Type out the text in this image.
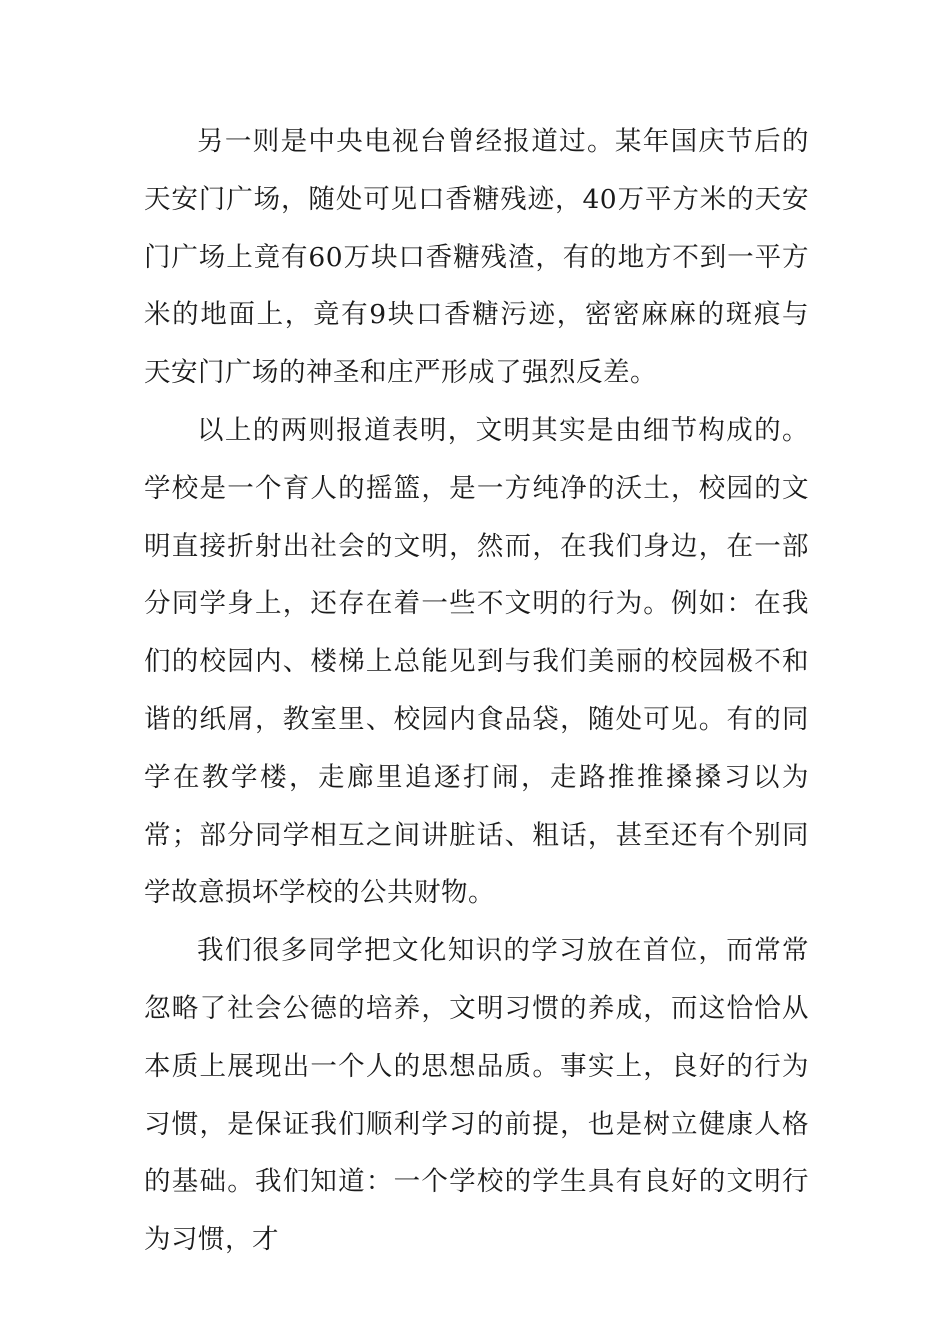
另一则是中央电视台曾经报道过。某年国庆节后的天安门广场，随处可见口香糖残迹，40万平方米的天安门广场上竟有60万块口香糖残渣，有的地方不到一平方米的地面上，竟有9块口香糖污迹，密密麻麻的斑痕与天安门广场的神圣和庄严形成了强烈反差。

以上的两则报道表明，文明其实是由细节构成的。学校是一个育人的摇篮，是一方纯净的沃土，校园的文明直接折射出社会的文明，然而，在我们身边，在一部分同学身上，还存在着一些不文明的行为。例如：在我们的校园内、楼梯上总能见到与我们美丽的校园极不和谐的纸屑，教室里、校园内食品袋，随处可见。有的同学在教学楼，走廊里追逐打闹，走路推推搡搡习以为常；部分同学相互之间讲脏话、粗话，甚至还有个别同学故意损坏学校的公共财物。

我们很多同学把文化知识的学习放在首位，而常常忽略了社会公德的培养，文明习惯的养成，而这恰恰从本质上展现出一个人的思想品质。事实上，良好的行为习惯，是保证我们顺利学习的前提，也是树立健康人格的基础。我们知道：一个学校的学生具有良好的文明行为习惯，才
